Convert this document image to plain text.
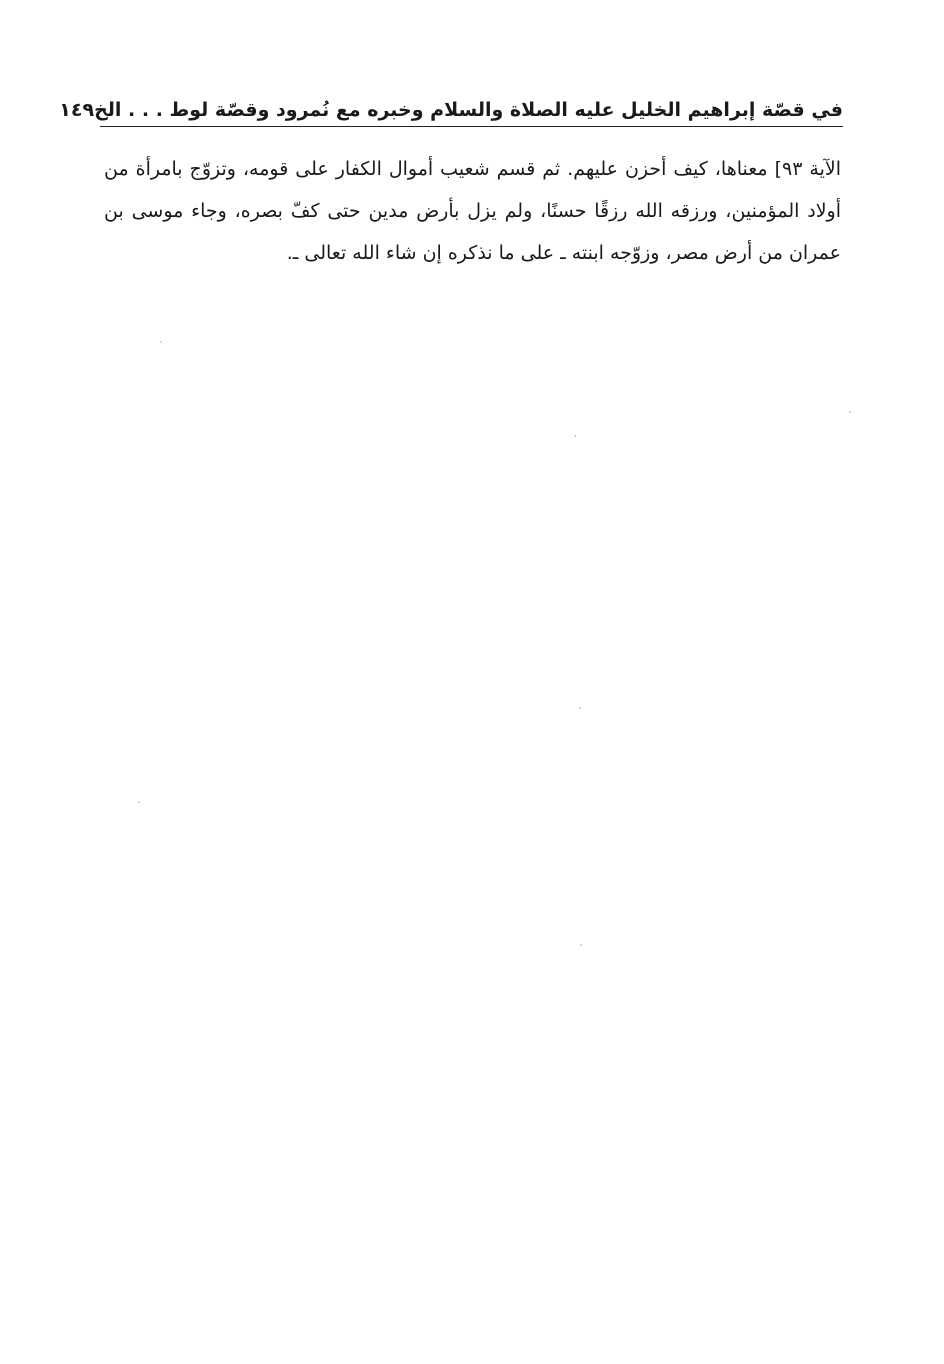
في قصّة إبراهيم الخليل عليه الصلاة والسلام وخبره مع نُمرود وقصّة لوط . . . الخ
١٤٩

الآية ٩٣] معناها، كيف أحزن عليهم. ثم قسم شعيب أموال الكفار على قومه، وتزوّج بامرأة من أولاد المؤمنين، ورزقه الله رزقًا حسنًا، ولم يزل بأرض مدين حتى كفّ بصره، وجاء موسى بن عمران من أرض مصر، وزوّجه ابنته ـ على ما نذكره إن شاء الله تعالى ـ.
